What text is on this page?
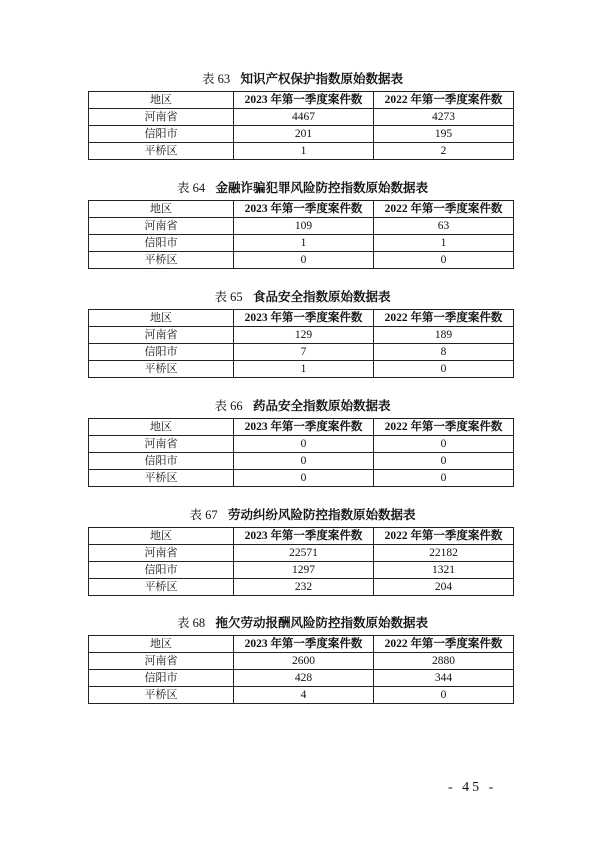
表 63 知识产权保护指数原始数据表
地区	2023 年第一季度案件数	2022 年第一季度案件数
河南省	4467	4273
信阳市	201	195
平桥区	1	2
表 64 金融诈骗犯罪风险防控指数原始数据表
地区	2023 年第一季度案件数	2022 年第一季度案件数
河南省	109	63
信阳市	1	1
平桥区	0	0
表 65 食品安全指数原始数据表
地区	2023 年第一季度案件数	2022 年第一季度案件数
河南省	129	189
信阳市	7	8
平桥区	1	0
表 66 药品安全指数原始数据表
地区	2023 年第一季度案件数	2022 年第一季度案件数
河南省	0	0
信阳市	0	0
平桥区	0	0
表 67 劳动纠纷风险防控指数原始数据表
地区	2023 年第一季度案件数	2022 年第一季度案件数
河南省	22571	22182
信阳市	1297	1321
平桥区	232	204
表 68 拖欠劳动报酬风险防控指数原始数据表
地区	2023 年第一季度案件数	2022 年第一季度案件数
河南省	2600	2880
信阳市	428	344
平桥区	4	0
- 45 -
